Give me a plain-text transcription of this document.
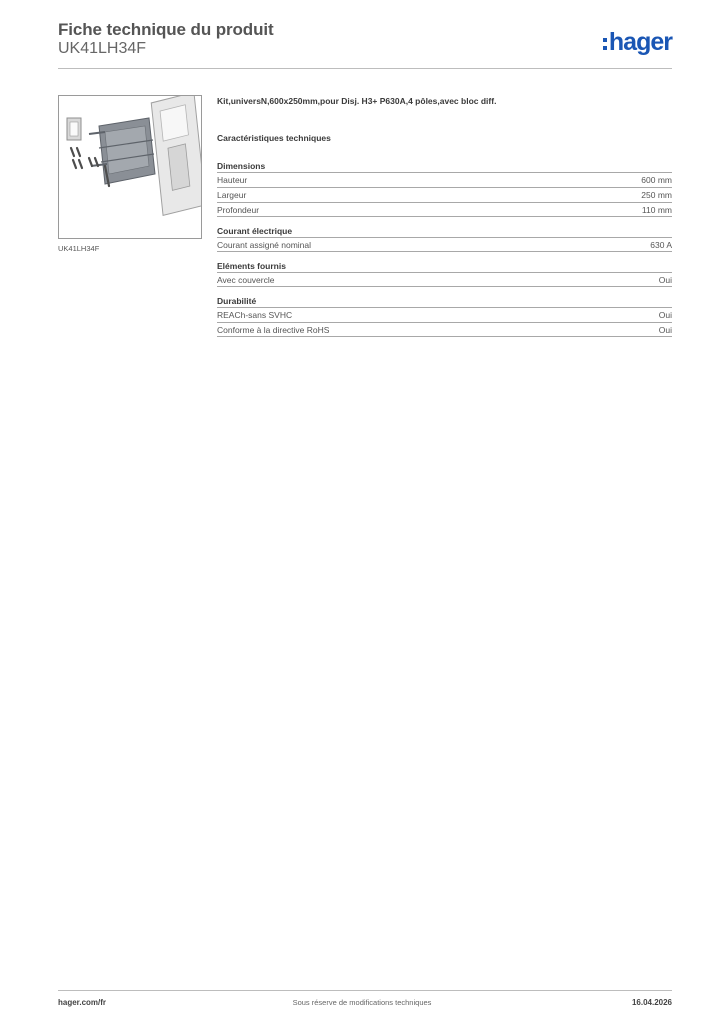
Fiche technique du produit
UK41LH34F	hager
UK41LH34F
Kit,universN,600x250mm,pour Disj. H3+ P630A,4 pôles,avec bloc diff.
Caractéristiques techniques
Dimensions
Hauteur	600 mm
Largeur	250 mm
Profondeur	110 mm
Courant électrique
Courant assigné nominal	630 A
Eléments fournis
Avec couvercle	Oui
Durabilité
REACh-sans SVHC	Oui
Conforme à la directive RoHS	Oui
hager.com/fr	Sous réserve de modifications techniques	16.04.2026
